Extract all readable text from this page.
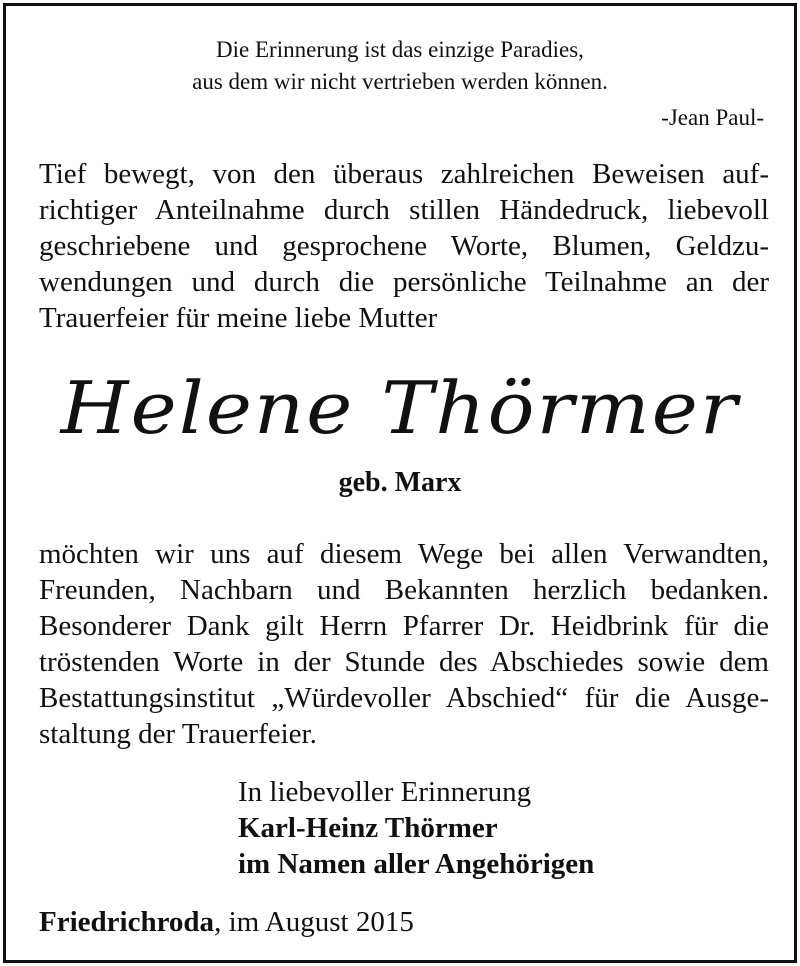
Die Erinnerung ist das einzige Paradies,
aus dem wir nicht vertrieben werden können.
-Jean Paul-
Tief bewegt, von den überaus zahlreichen Beweisen auf-
richtiger Anteilnahme durch stillen Händedruck, liebevoll
geschriebene und gesprochene Worte, Blumen, Geldzu-
wendungen und durch die persönliche Teilnahme an der
Trauerfeier für meine liebe Mutter
Helene Thörmer
geb. Marx
möchten wir uns auf diesem Wege bei allen Verwandten,
Freunden, Nachbarn und Bekannten herzlich bedanken.
Besonderer Dank gilt Herrn Pfarrer Dr. Heidbrink für die
tröstenden Worte in der Stunde des Abschiedes sowie dem
Bestattungsinstitut „Würdevoller Abschied“ für die Ausge-
staltung der Trauerfeier.
In liebevoller Erinnerung
Karl-Heinz Thörmer
im Namen aller Angehörigen
Friedrichroda, im August 2015
